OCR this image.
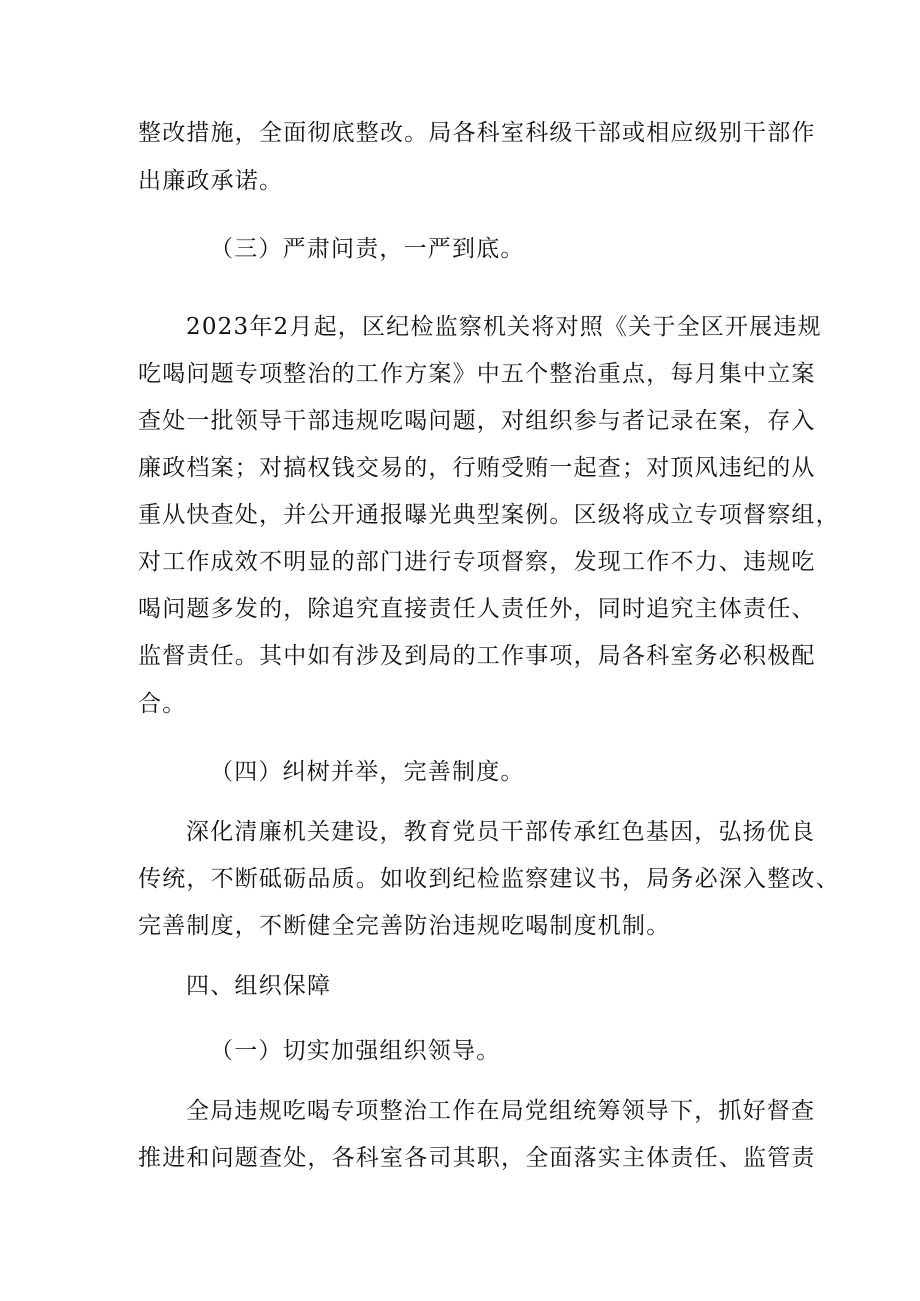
整改措施，全面彻底整改。局各科室科级干部或相应级别干部作
出廉政承诺。
（三）严肃问责，一严到底。
2023年2月起，区纪检监察机关将对照《关于全区开展违规
吃喝问题专项整治的工作方案》中五个整治重点，每月集中立案
查处一批领导干部违规吃喝问题，对组织参与者记录在案，存入
廉政档案；对搞权钱交易的，行贿受贿一起查；对顶风违纪的从
重从快查处，并公开通报曝光典型案例。区级将成立专项督察组，
对工作成效不明显的部门进行专项督察，发现工作不力、违规吃
喝问题多发的，除追究直接责任人责任外，同时追究主体责任、
监督责任。其中如有涉及到局的工作事项，局各科室务必积极配
合。
（四）纠树并举，完善制度。
深化清廉机关建设，教育党员干部传承红色基因，弘扬优良
传统，不断砥砺品质。如收到纪检监察建议书，局务必深入整改、
完善制度，不断健全完善防治违规吃喝制度机制。
四、组织保障
（一）切实加强组织领导。
全局违规吃喝专项整治工作在局党组统筹领导下，抓好督查
推进和问题查处，各科室各司其职，全面落实主体责任、监管责
